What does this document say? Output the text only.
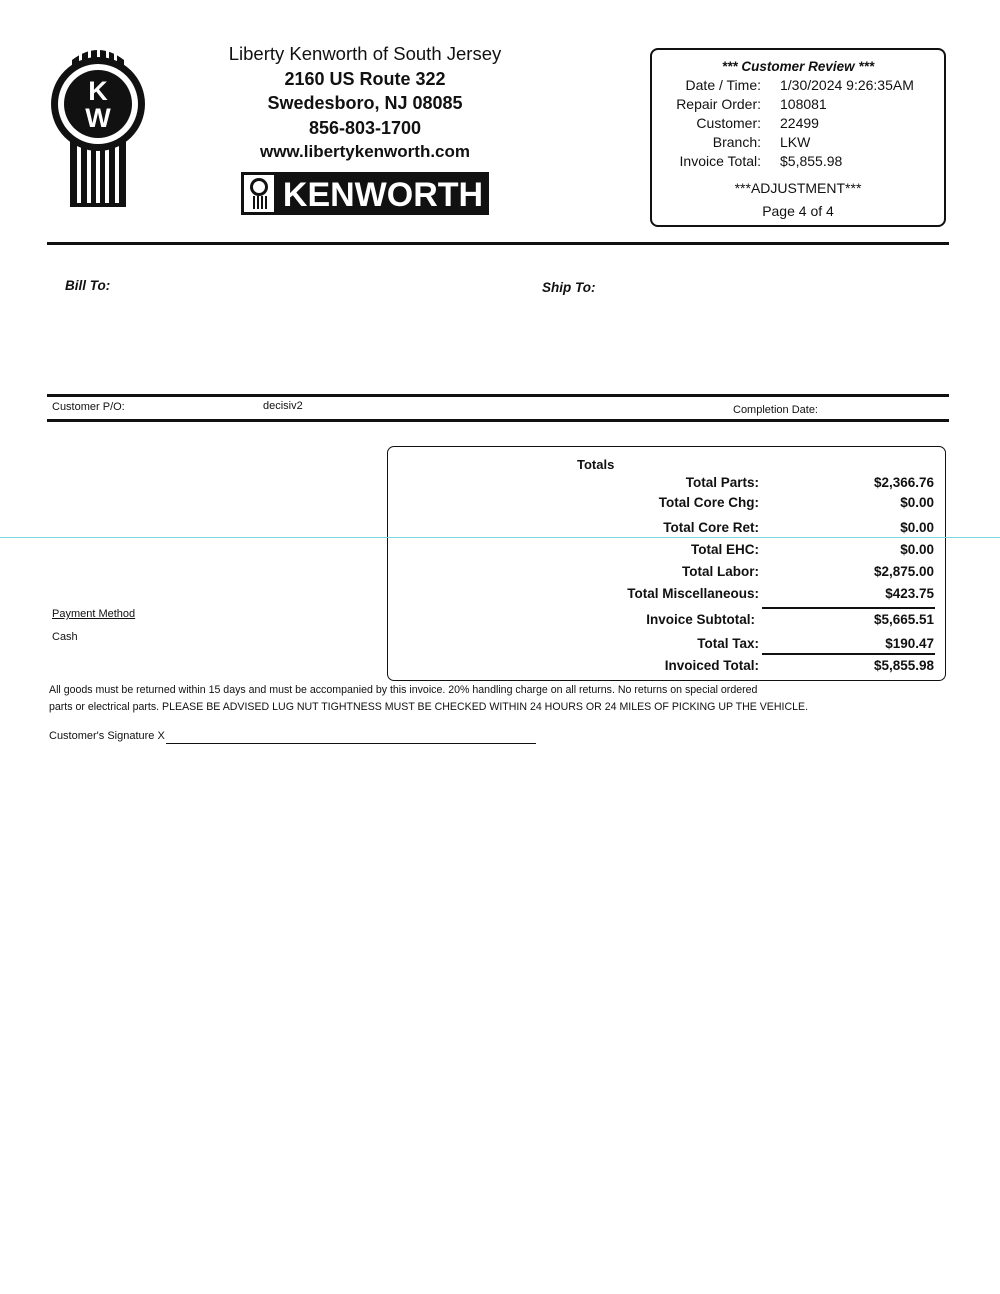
K
W
Liberty Kenworth of South Jersey
2160 US Route 322
Swedesboro, NJ 08085
856-803-1700
www.libertykenworth.com
KENWORTH
*** Customer Review ***
Date / Time: 1/30/2024 9:26:35AM
Repair Order: 108081
Customer: 22499
Branch: LKW
Invoice Total: $5,855.98
***ADJUSTMENT***
Page 4 of 4
Bill To:	Ship To:
Customer P/O:	decisiv2	Completion Date:
Totals
Total Parts:	$2,366.76
Total Core Chg:	$0.00
Total Core Ret:	$0.00
Total EHC:	$0.00
Total Labor:	$2,875.00
Total Miscellaneous:	$423.75
Invoice Subtotal:	$5,665.51
Total Tax:	$190.47
Invoiced Total:	$5,855.98
Payment Method
Cash
All goods must be returned within 15 days and must be accompanied by this invoice. 20% handling charge on all returns. No returns on special ordered
parts or electrical parts. PLEASE BE ADVISED LUG NUT TIGHTNESS MUST BE CHECKED WITHIN 24 HOURS OR 24 MILES OF PICKING UP THE VEHICLE.
Customer's Signature X
